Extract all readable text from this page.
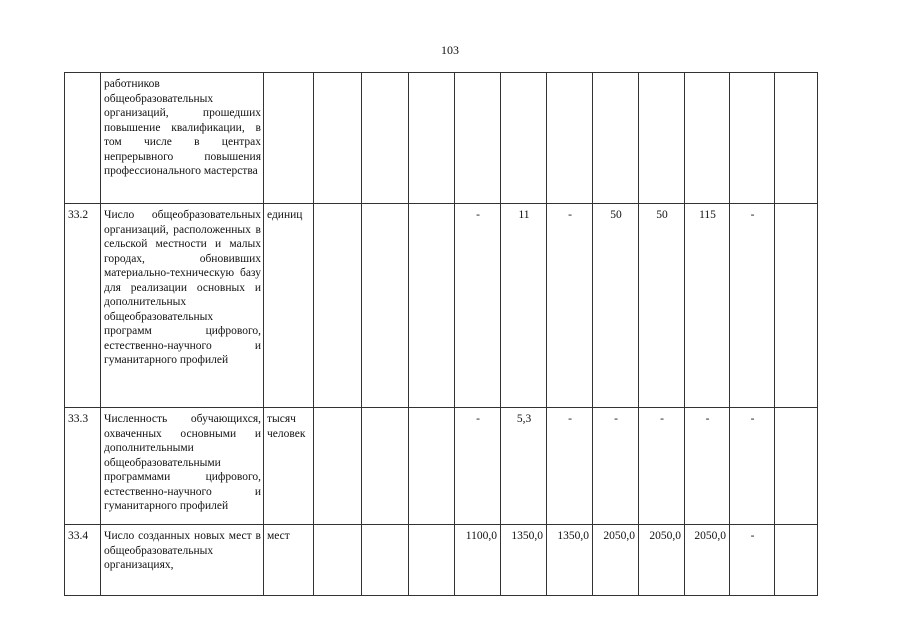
103
	работников общеобразовательных организаций, прошедших повышение квалификации, в том числе в центрах непрерывного повышения профессионального мастерства												
33.2	Число общеобразовательных организаций, расположенных в сельской местности и малых городах, обновивших материально-техническую базу для реализации основных и дополнительных общеобразовательных программ цифрового, естественно-научного и гуманитарного профилей	единиц				-	11	-	50	50	115	-	
33.3	Численность обучающихся, охваченных основными и дополнительными общеобразовательными программами цифрового, естественно-научного и гуманитарного профилей	тысяч человек				-	5,3	-	-	-	-	-	
33.4	Число созданных новых мест в общеобразовательных организациях,	мест				1100,0	1350,0	1350,0	2050,0	2050,0	2050,0	-	
